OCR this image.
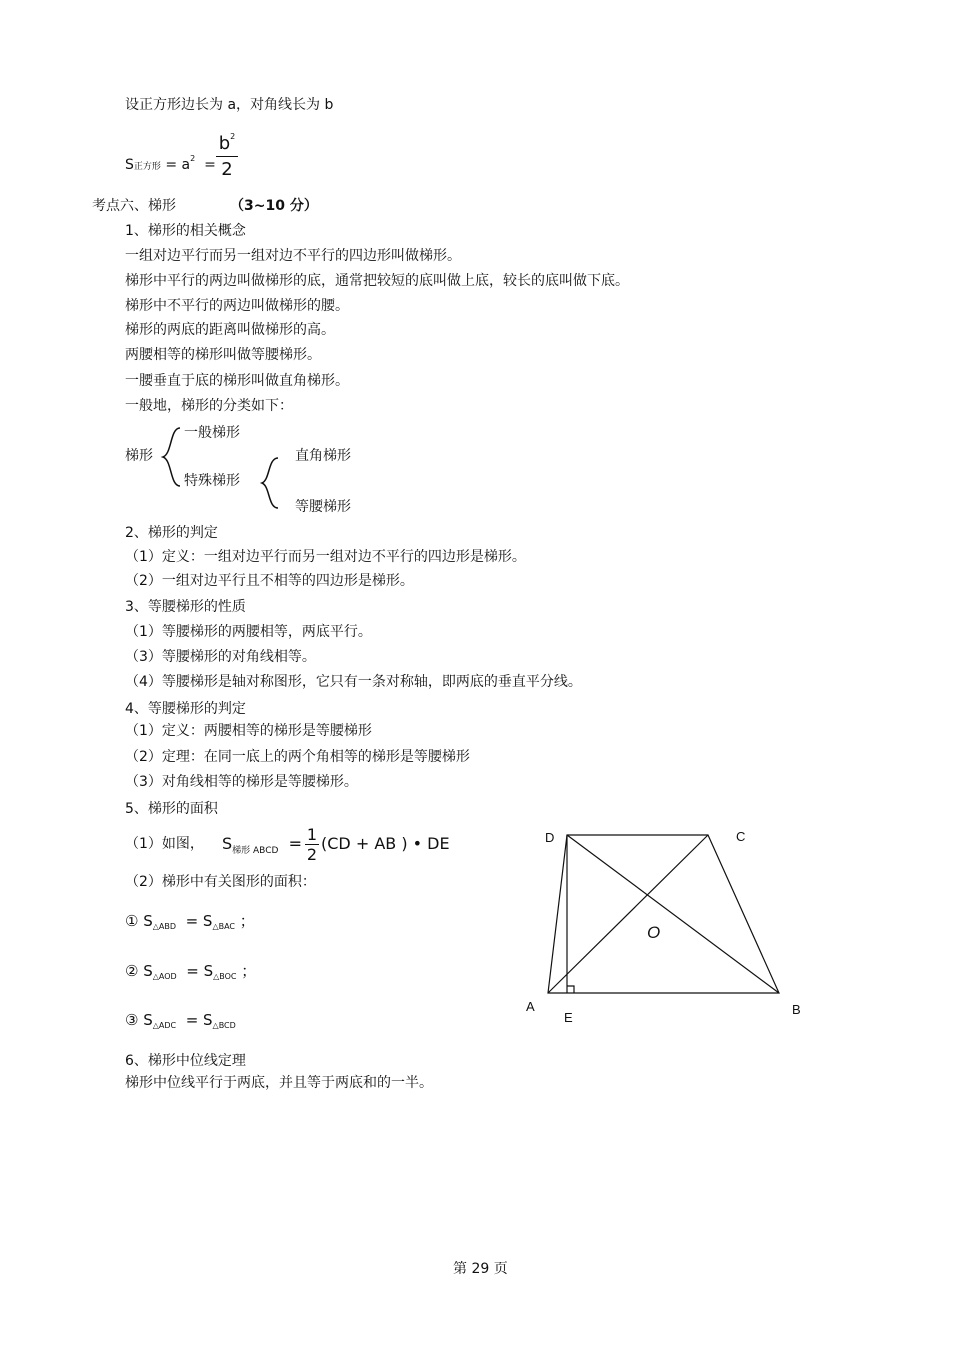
设正方形边长为 a，对角线长为 b
S正方形 = $a^2$ =
$b^2$
2
考点六、梯形	（3~10 分）
1、梯形的相关概念
一组对边平行而另一组对边不平行的四边形叫做梯形。
梯形中平行的两边叫做梯形的底，通常把较短的底叫做上底，较长的底叫做下底。
梯形中不平行的两边叫做梯形的腰。
梯形的两底的距离叫做梯形的高。
两腰相等的梯形叫做等腰梯形。
一腰垂直于底的梯形叫做直角梯形。
一般地，梯形的分类如下：
梯形
一般梯形
特殊梯形
直角梯形
等腰梯形
2、梯形的判定
（1）定义：一组对边平行而另一组对边不平行的四边形是梯形。
（2）一组对边平行且不相等的四边形是梯形。
3、等腰梯形的性质
（1）等腰梯形的两腰相等，两底平行。
（3）等腰梯形的对角线相等。
（4）等腰梯形是轴对称图形，它只有一条对称轴，即两底的垂直平分线。
4、等腰梯形的判定
（1）定义：两腰相等的梯形是等腰梯形
（2）定理：在同一底上的两个角相等的梯形是等腰梯形
（3）对角线相等的梯形是等腰梯形。
5、梯形的面积
（1）如图， $S_{梯形 ABCD} = 1$
2
(CD + AB ) • DE
（2）梯形中有关图形的面积：
① $S_{\triangle ABD} = S_{\triangle BAC}$ ；
② $S_{\triangle AOD} = S_{\triangle BOC}$ ；
③ $S_{\triangle ADC} = S_{\triangle BCD}$
D	C
A	B
E
O
6、梯形中位线定理
梯形中位线平行于两底，并且等于两底和的一半。
第 29 页
